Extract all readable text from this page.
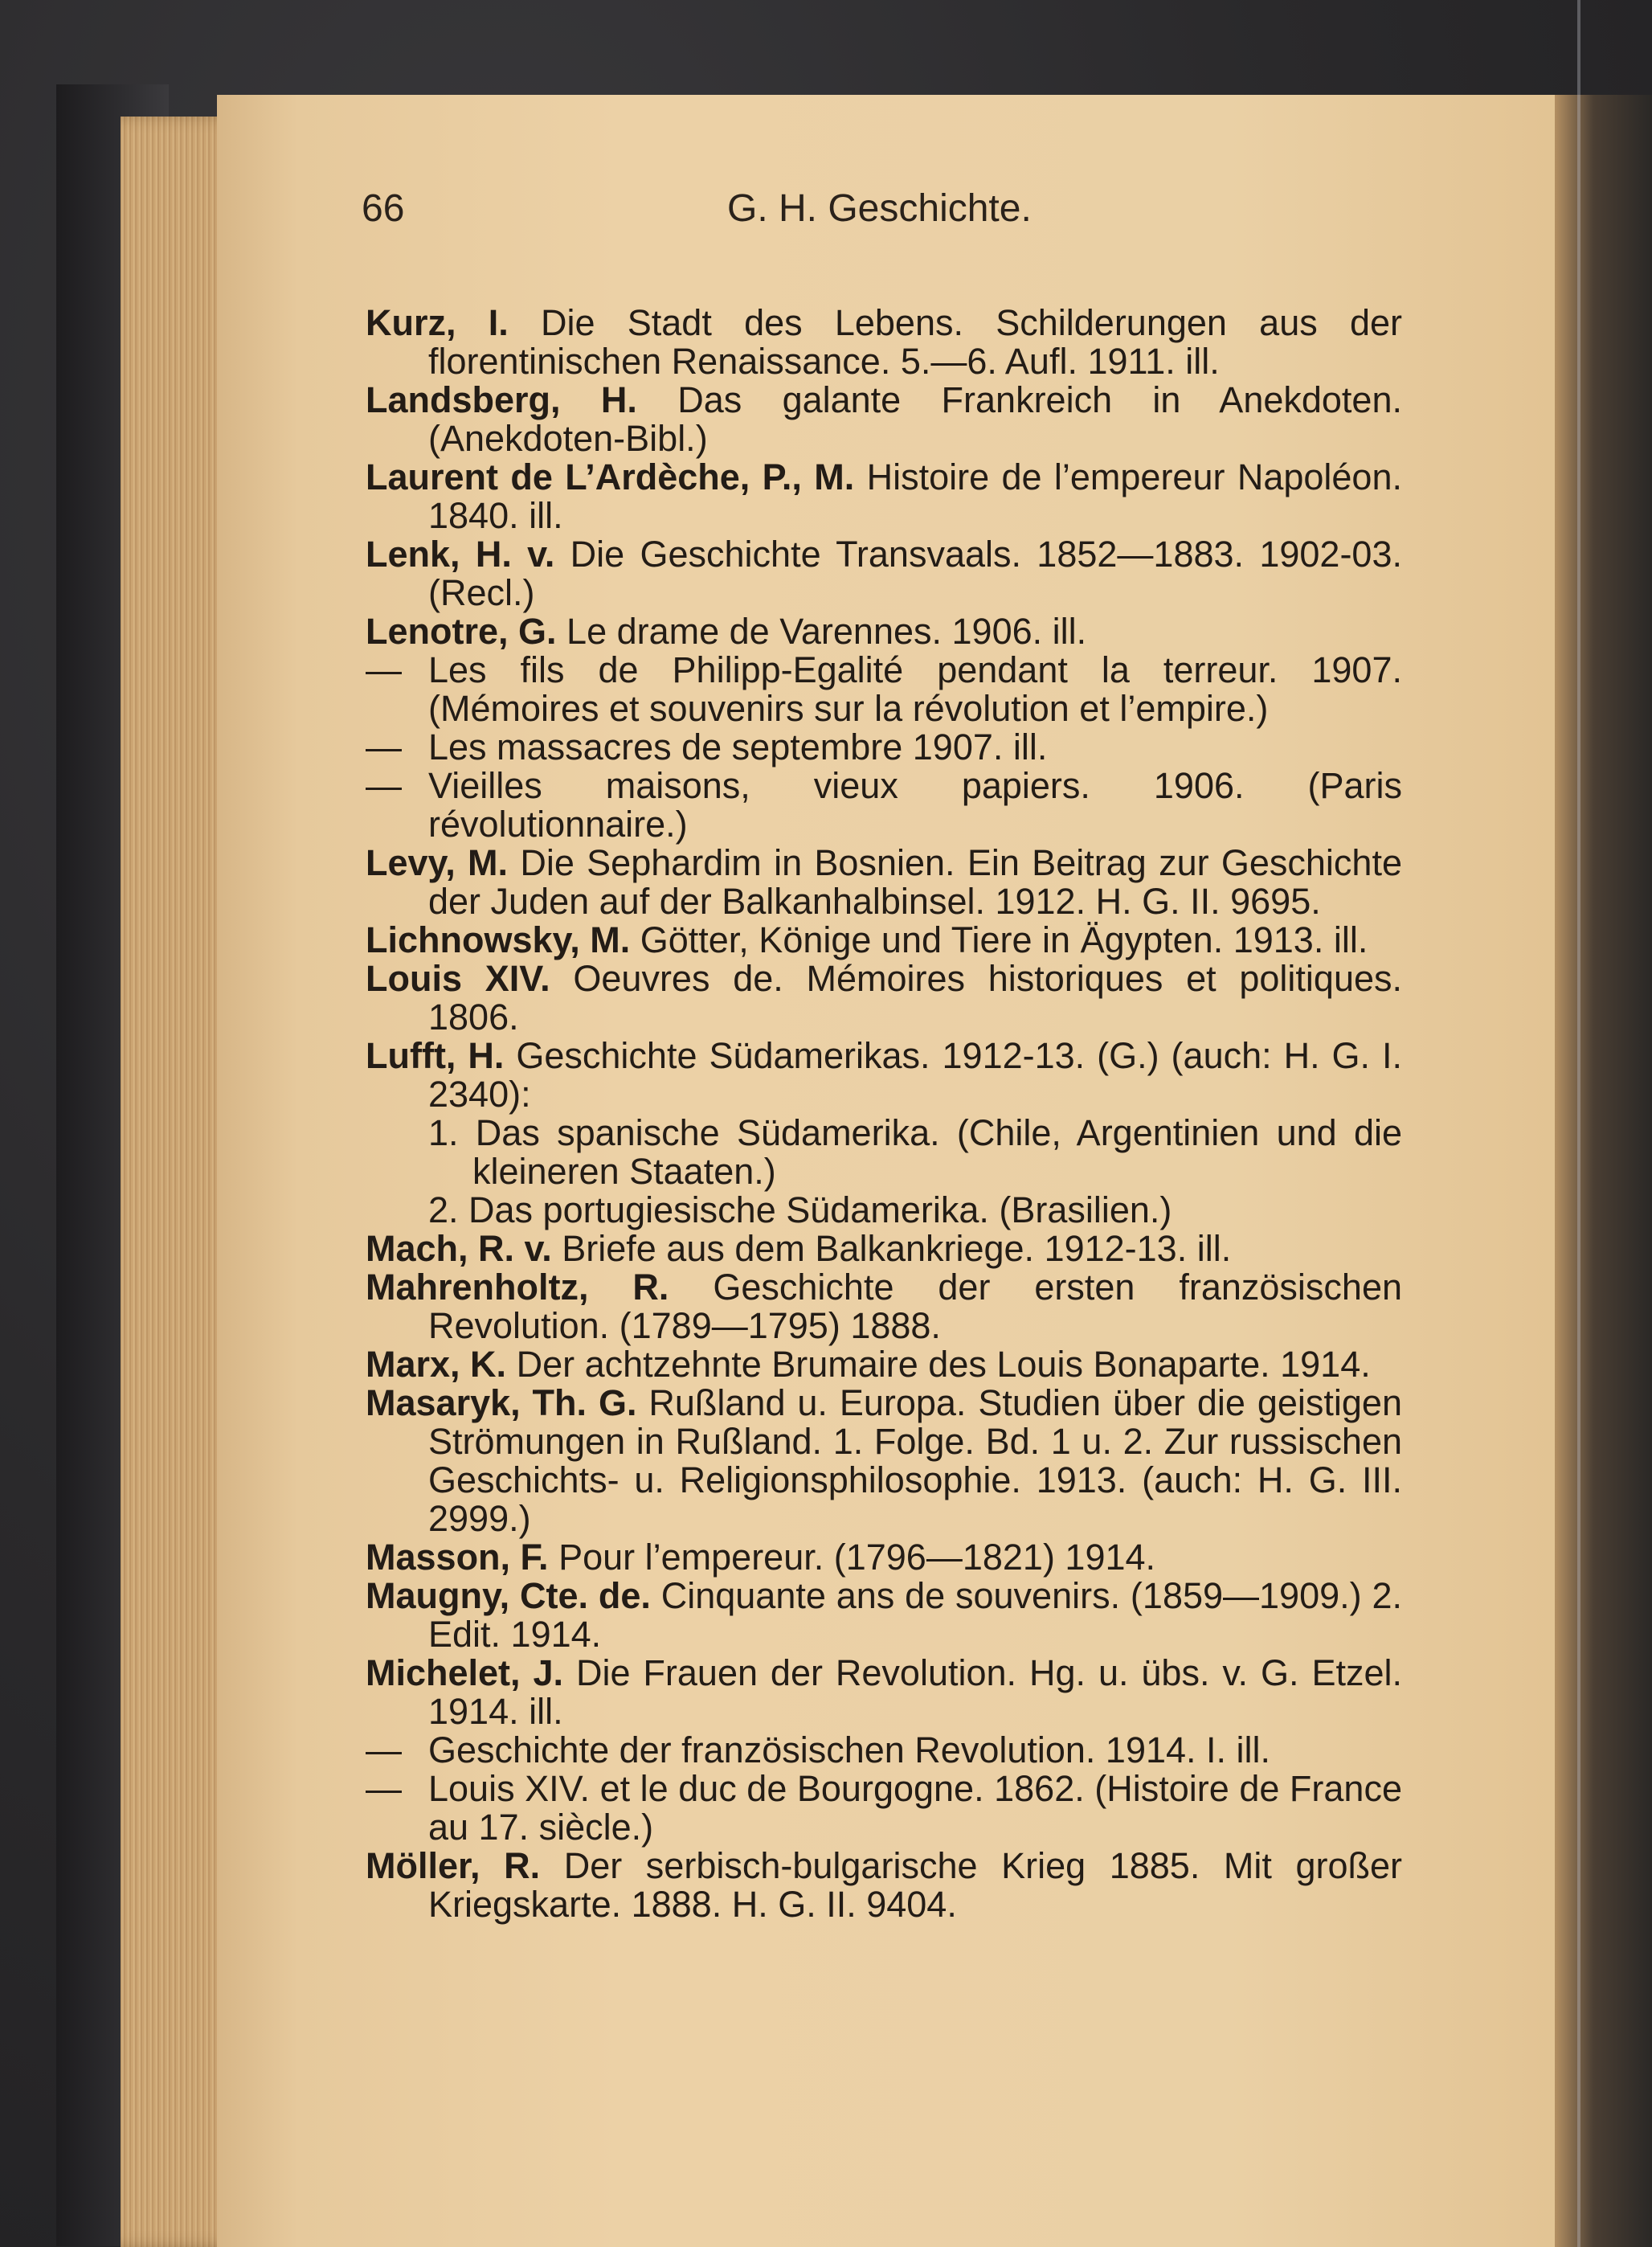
66	G. H. Geschichte.

Kurz, I. Die Stadt des Lebens. Schilderungen aus der florentinischen Renaissance. 5.—6. Aufl. 1911. ill.

Landsberg, H. Das galante Frankreich in Anekdoten. (Anekdoten-Bibl.)

Laurent de L’Ardèche, P., M. Histoire de l’empereur Napoléon. 1840. ill.

Lenk, H. v. Die Geschichte Transvaals. 1852—1883. 1902-03. (Recl.)

Lenotre, G. Le drame de Varennes. 1906. ill.

— Les fils de Philipp-Egalité pendant la terreur. 1907. (Mémoires et souvenirs sur la révolution et l’empire.)

— Les massacres de septembre 1907. ill.

— Vieilles maisons, vieux papiers. 1906. (Paris révolutionnaire.)

Levy, M. Die Sephardim in Bosnien. Ein Beitrag zur Geschichte der Juden auf der Balkanhalbinsel. 1912. H. G. II. 9695.

Lichnowsky, M. Götter, Könige und Tiere in Ägypten. 1913. ill.

Louis XIV. Oeuvres de. Mémoires historiques et politiques. 1806.

Lufft, H. Geschichte Südamerikas. 1912-13. (G.) (auch: H. G. I. 2340):

1. Das spanische Südamerika. (Chile, Argentinien und die kleineren Staaten.)

2. Das portugiesische Südamerika. (Brasilien.)

Mach, R. v. Briefe aus dem Balkankriege. 1912-13. ill.

Mahrenholtz, R. Geschichte der ersten französischen Revolution. (1789—1795) 1888.

Marx, K. Der achtzehnte Brumaire des Louis Bonaparte. 1914.

Masaryk, Th. G. Rußland u. Europa. Studien über die geistigen Strömungen in Rußland. 1. Folge. Bd. 1 u. 2. Zur russischen Geschichts- u. Religionsphilosophie. 1913. (auch: H. G. III. 2999.)

Masson, F. Pour l’empereur. (1796—1821) 1914.

Maugny, Cte. de. Cinquante ans de souvenirs. (1859—1909.) 2. Edit. 1914.

Michelet, J. Die Frauen der Revolution. Hg. u. übs. v. G. Etzel. 1914. ill.

— Geschichte der französischen Revolution. 1914. I. ill.

— Louis XIV. et le duc de Bourgogne. 1862. (Histoire de France au 17. siècle.)

Möller, R. Der serbisch-bulgarische Krieg 1885. Mit großer Kriegskarte. 1888. H. G. II. 9404.
